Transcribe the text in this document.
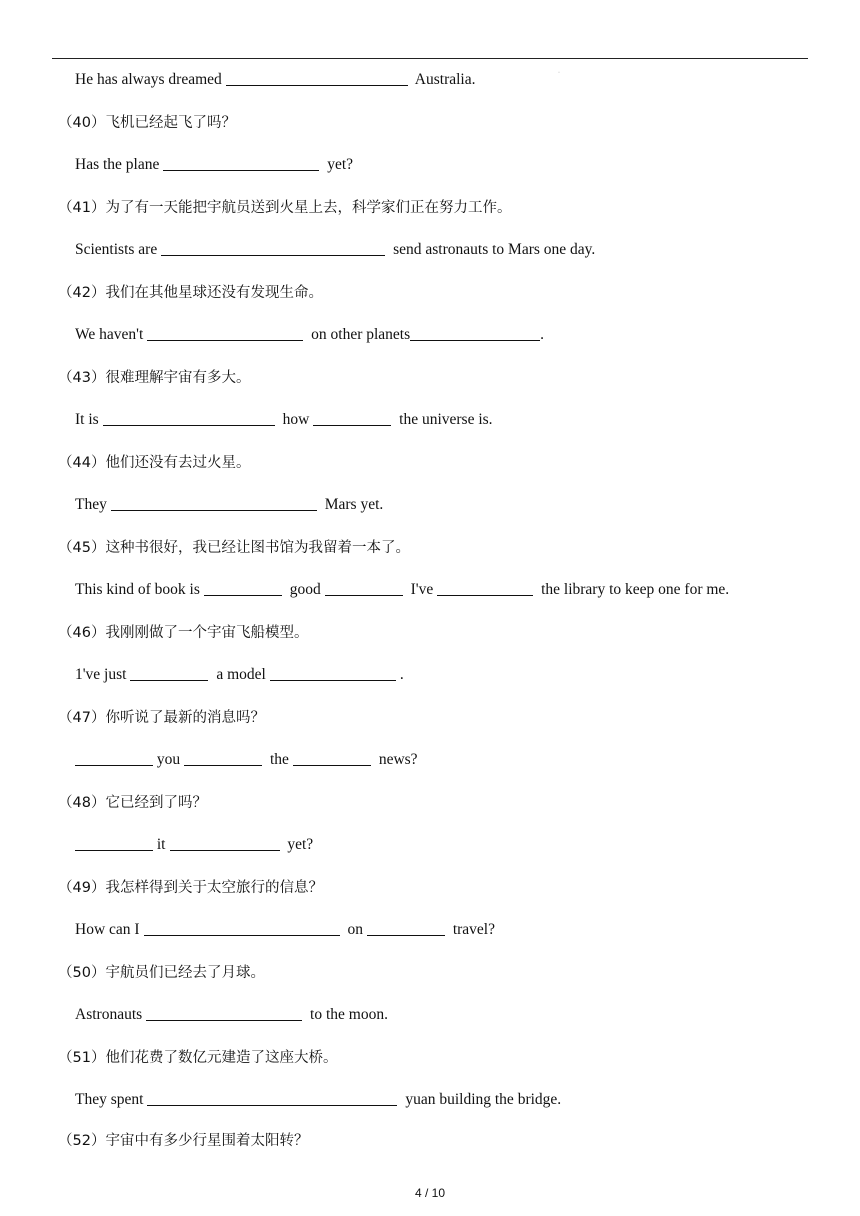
·
He has always dreamed	Australia.
（40）飞机已经起飞了吗？
Has the plane	yet?
（41）为了有一天能把宇航员送到火星上去，科学家们正在努力工作。
Scientists are	send astronauts to Mars one day.
（42）我们在其他星球还没有发现生命。
We haven't	on other planets	.
（43）很难理解宇宙有多大。
It is	how	the universe is.
（44）他们还没有去过火星。
They	Mars yet.
（45）这种书很好，我已经让图书馆为我留着一本了。
This kind of book is	good	I've	the library to keep one for me.
（46）我刚刚做了一个宇宙飞船模型。
1've just	a model	.
（47）你听说了最新的消息吗？
you	the	news?
（48）它已经到了吗？
it	yet?
（49）我怎样得到关于太空旅行的信息？
How can I	on	travel?
（50）宇航员们已经去了月球。
Astronauts	to the moon.
（51）他们花费了数亿元建造了这座大桥。
They spent	yuan building the bridge.
（52）宇宙中有多少行星围着太阳转？
4 / 10
